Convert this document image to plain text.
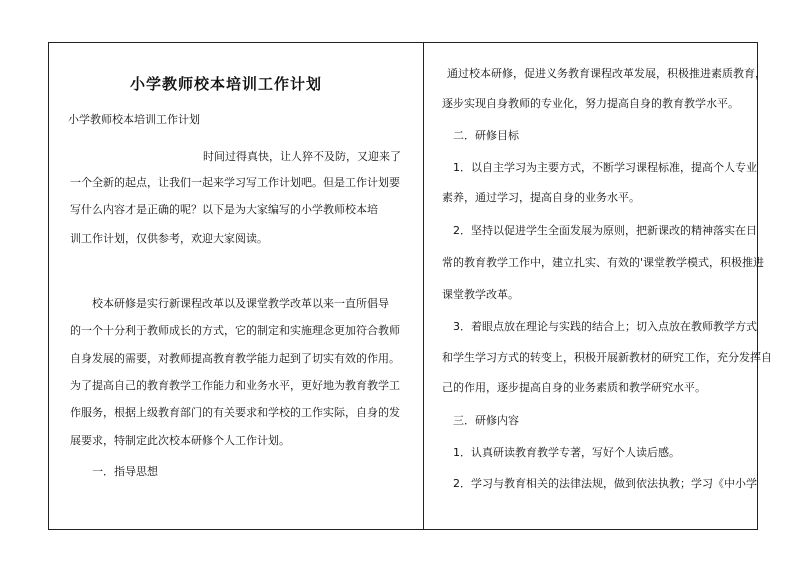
小学教师校本培训工作计划
小学教师校本培训工作计划
时间过得真快，让人猝不及防，又迎来了
一个全新的起点，让我们一起来学习写工作计划吧。但是工作计划要
写什么内容才是正确的呢？以下是为大家编写的小学教师校本培
训工作计划，仅供参考，欢迎大家阅读。
校本研修是实行新课程改革以及课堂教学改革以来一直所倡导
的一个十分利于教师成长的方式，它的制定和实施理念更加符合教师
自身发展的需要，对教师提高教育教学能力起到了切实有效的作用。
为了提高自己的教育教学工作能力和业务水平，更好地为教育教学工
作服务，根据上级教育部门的有关要求和学校的工作实际，自身的发
展要求，特制定此次校本研修个人工作计划。
一．指导思想
通过校本研修，促进义务教育课程改革发展，积极推进素质教育，
逐步实现自身教师的专业化，努力提高自身的教育教学水平。
二．研修目标
1．以自主学习为主要方式，不断学习课程标准，提高个人专业
素养，通过学习，提高自身的业务水平。
2．坚持以促进学生全面发展为原则，把新课改的精神落实在日
常的教育教学工作中，建立扎实、有效的'课堂教学模式，积极推进
课堂教学改革。
3．着眼点放在理论与实践的结合上；切入点放在教师教学方式
和学生学习方式的转变上，积极开展新教材的研究工作，充分发挥自
己的作用，逐步提高自身的业务素质和教学研究水平。
三．研修内容
1．认真研读教育教学专著，写好个人读后感。
2．学习与教育相关的法律法规，做到依法执教；学习《中小学
